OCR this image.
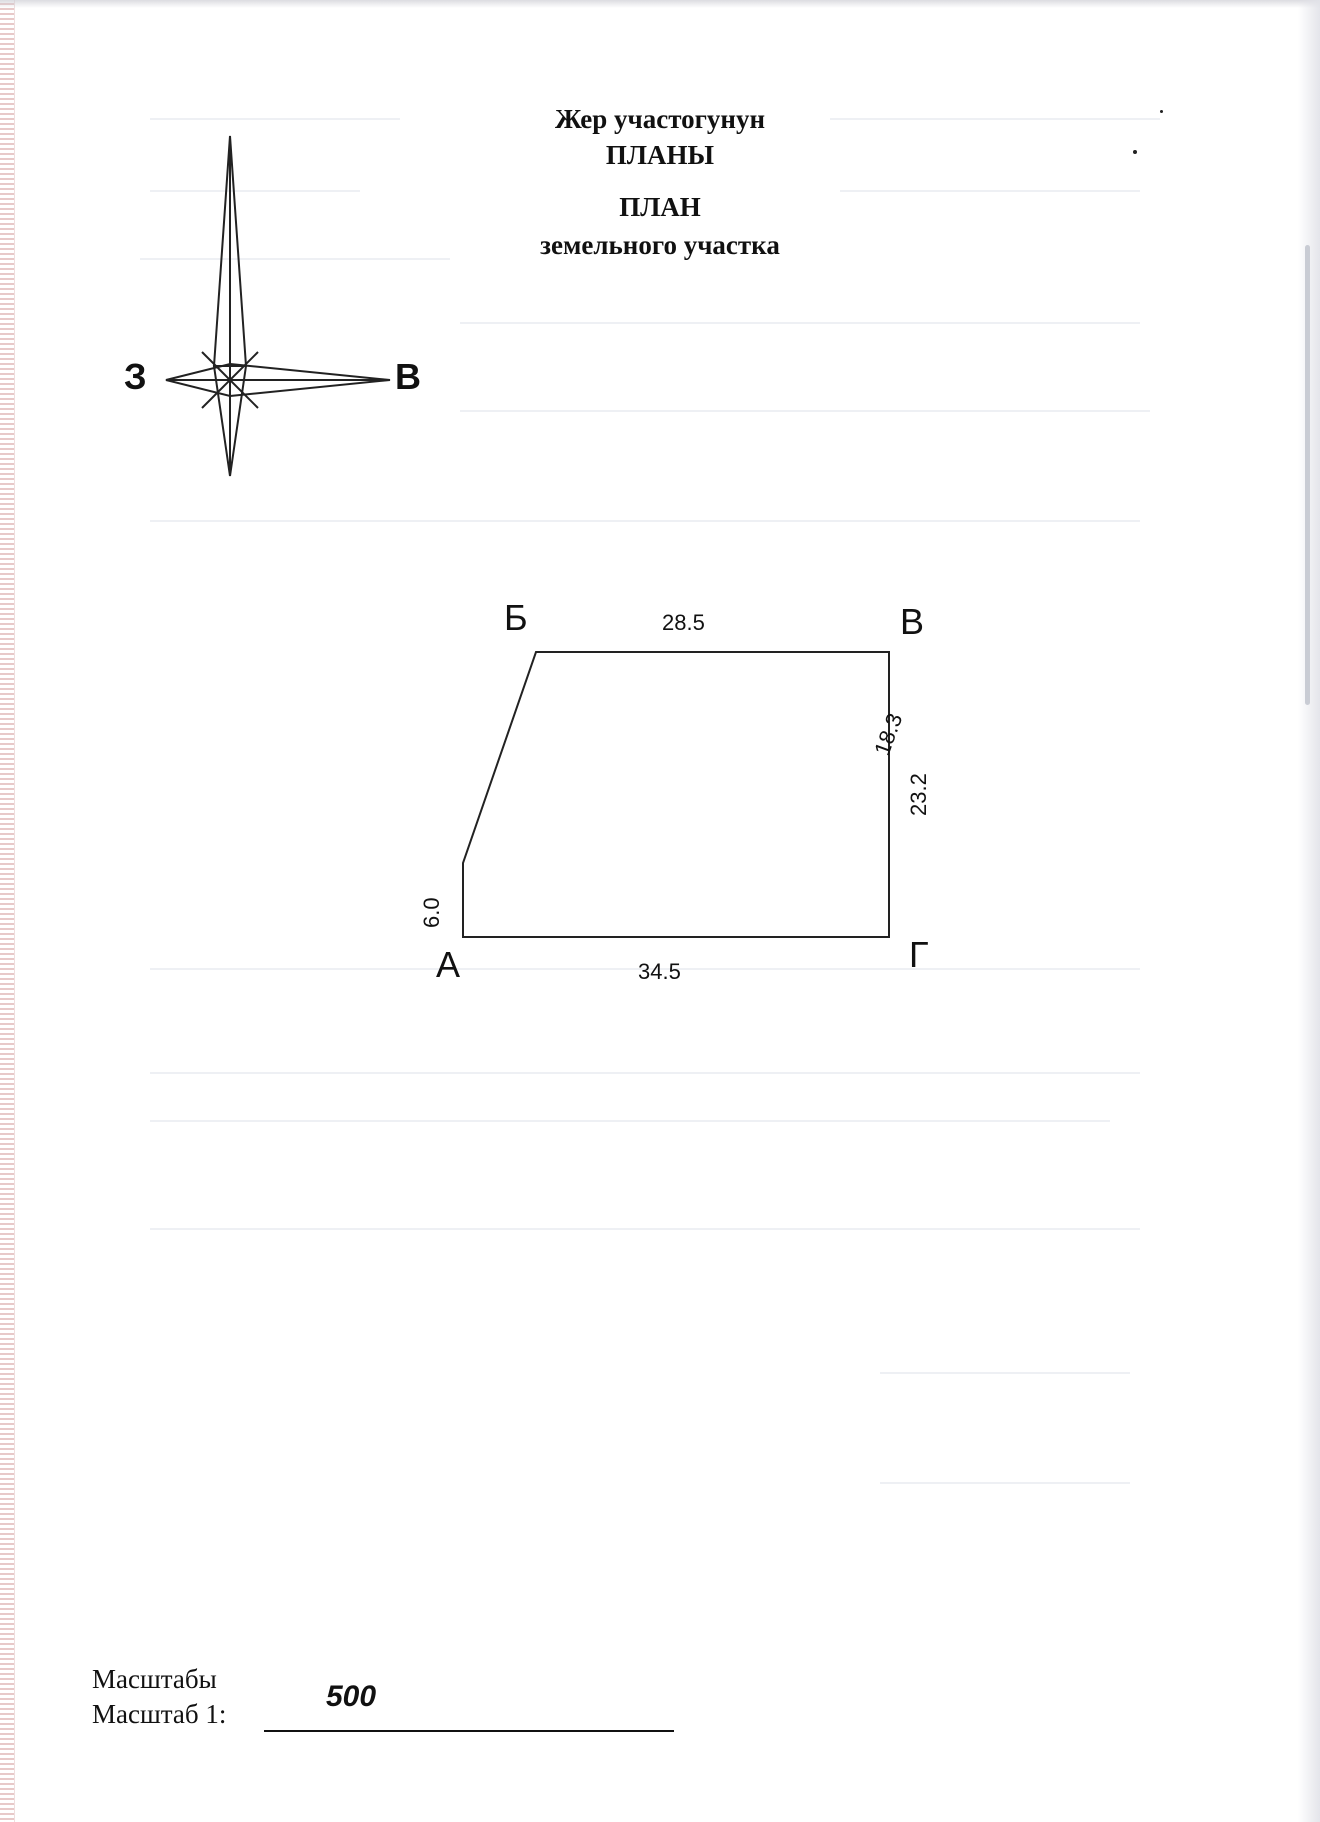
Жер участогунун
ПЛАНЫ
ПЛАН
земельного участка
З	В
А
Б	В
Г
28.5
34.5
6.0
18.3
23.2
Масштабы
Масштаб 1:
500
